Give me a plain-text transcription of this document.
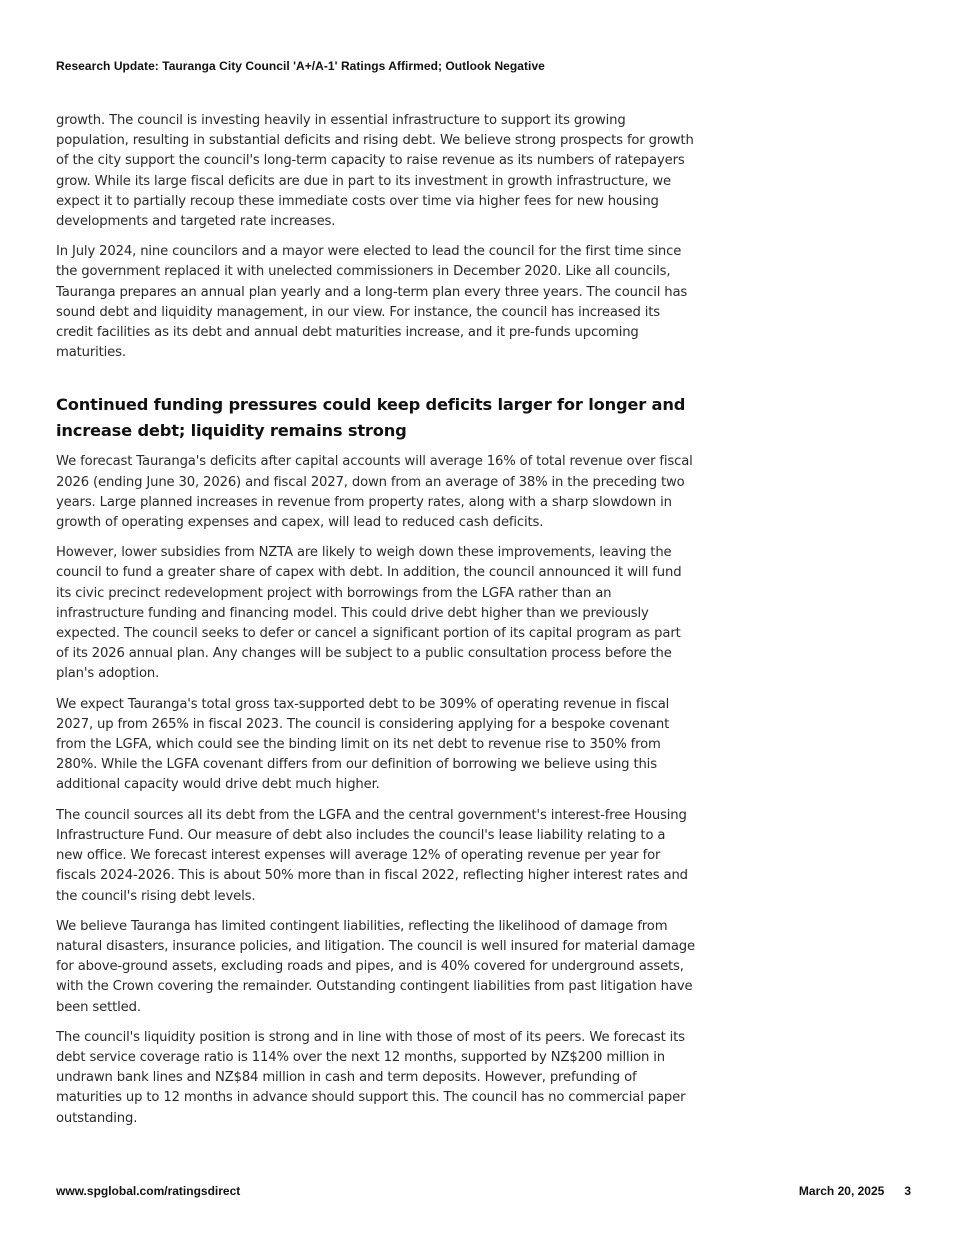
Research Update: Tauranga City Council 'A+/A-1' Ratings Affirmed; Outlook Negative

growth. The council is investing heavily in essential infrastructure to support its growing population, resulting in substantial deficits and rising debt. We believe strong prospects for growth of the city support the council's long-term capacity to raise revenue as its numbers of ratepayers grow. While its large fiscal deficits are due in part to its investment in growth infrastructure, we expect it to partially recoup these immediate costs over time via higher fees for new housing developments and targeted rate increases.

In July 2024, nine councilors and a mayor were elected to lead the council for the first time since the government replaced it with unelected commissioners in December 2020. Like all councils, Tauranga prepares an annual plan yearly and a long-term plan every three years. The council has sound debt and liquidity management, in our view. For instance, the council has increased its credit facilities as its debt and annual debt maturities increase, and it pre-funds upcoming maturities.

Continued funding pressures could keep deficits larger for longer and increase debt; liquidity remains strong

We forecast Tauranga's deficits after capital accounts will average 16% of total revenue over fiscal 2026 (ending June 30, 2026) and fiscal 2027, down from an average of 38% in the preceding two years. Large planned increases in revenue from property rates, along with a sharp slowdown in growth of operating expenses and capex, will lead to reduced cash deficits.

However, lower subsidies from NZTA are likely to weigh down these improvements, leaving the council to fund a greater share of capex with debt. In addition, the council announced it will fund its civic precinct redevelopment project with borrowings from the LGFA rather than an infrastructure funding and financing model. This could drive debt higher than we previously expected. The council seeks to defer or cancel a significant portion of its capital program as part of its 2026 annual plan. Any changes will be subject to a public consultation process before the plan's adoption.

We expect Tauranga's total gross tax-supported debt to be 309% of operating revenue in fiscal 2027, up from 265% in fiscal 2023. The council is considering applying for a bespoke covenant from the LGFA, which could see the binding limit on its net debt to revenue rise to 350% from 280%. While the LGFA covenant differs from our definition of borrowing we believe using this additional capacity would drive debt much higher.

The council sources all its debt from the LGFA and the central government's interest-free Housing Infrastructure Fund. Our measure of debt also includes the council's lease liability relating to a new office. We forecast interest expenses will average 12% of operating revenue per year for fiscals 2024-2026. This is about 50% more than in fiscal 2022, reflecting higher interest rates and the council's rising debt levels.

We believe Tauranga has limited contingent liabilities, reflecting the likelihood of damage from natural disasters, insurance policies, and litigation. The council is well insured for material damage for above-ground assets, excluding roads and pipes, and is 40% covered for underground assets, with the Crown covering the remainder. Outstanding contingent liabilities from past litigation have been settled.

The council's liquidity position is strong and in line with those of most of its peers. We forecast its debt service coverage ratio is 114% over the next 12 months, supported by NZ$200 million in undrawn bank lines and NZ$84 million in cash and term deposits. However, prefunding of maturities up to 12 months in advance should support this. The council has no commercial paper outstanding.

www.spglobal.com/ratingsdirect	March 20, 2025 3
